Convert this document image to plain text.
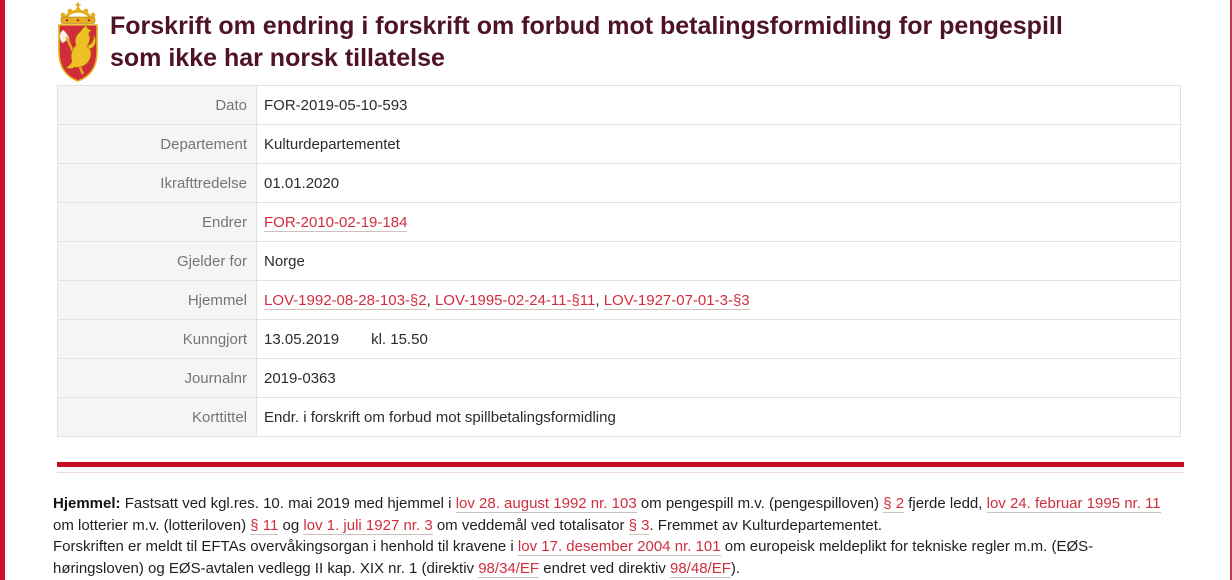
Forskrift om endring i forskrift om forbud mot betalingsformidling for pengespill som ikke har norsk tillatelse
Dato	FOR-2019-05-10-593
Departement	Kulturdepartementet
Ikrafttredelse	01.01.2020
Endrer	FOR-2010-02-19-184
Gjelder for	Norge
Hjemmel	LOV-1992-08-28-103-§2, LOV-1995-02-24-11-§11, LOV-1927-07-01-3-§3
Kunngjort	13.05.2019 kl. 15.50
Journalnr	2019-0363
Korttittel	Endr. i forskrift om forbud mot spillbetalingsformidling

Hjemmel: Fastsatt ved kgl.res. 10. mai 2019 med hjemmel i lov 28. august 1992 nr. 103 om pengespill m.v. (pengespilloven) § 2 fjerde ledd, lov 24. februar 1995 nr. 11 om lotterier m.v. (lotteriloven) § 11 og lov 1. juli 1927 nr. 3 om veddemål ved totalisator § 3. Fremmet av Kulturdepartementet.

Forskriften er meldt til EFTAs overvåkingsorgan i henhold til kravene i lov 17. desember 2004 nr. 101 om europeisk meldeplikt for tekniske regler m.m. (EØS-høringsloven) og EØS-avtalen vedlegg II kap. XIX nr. 1 (direktiv 98/34/EF endret ved direktiv 98/48/EF).
